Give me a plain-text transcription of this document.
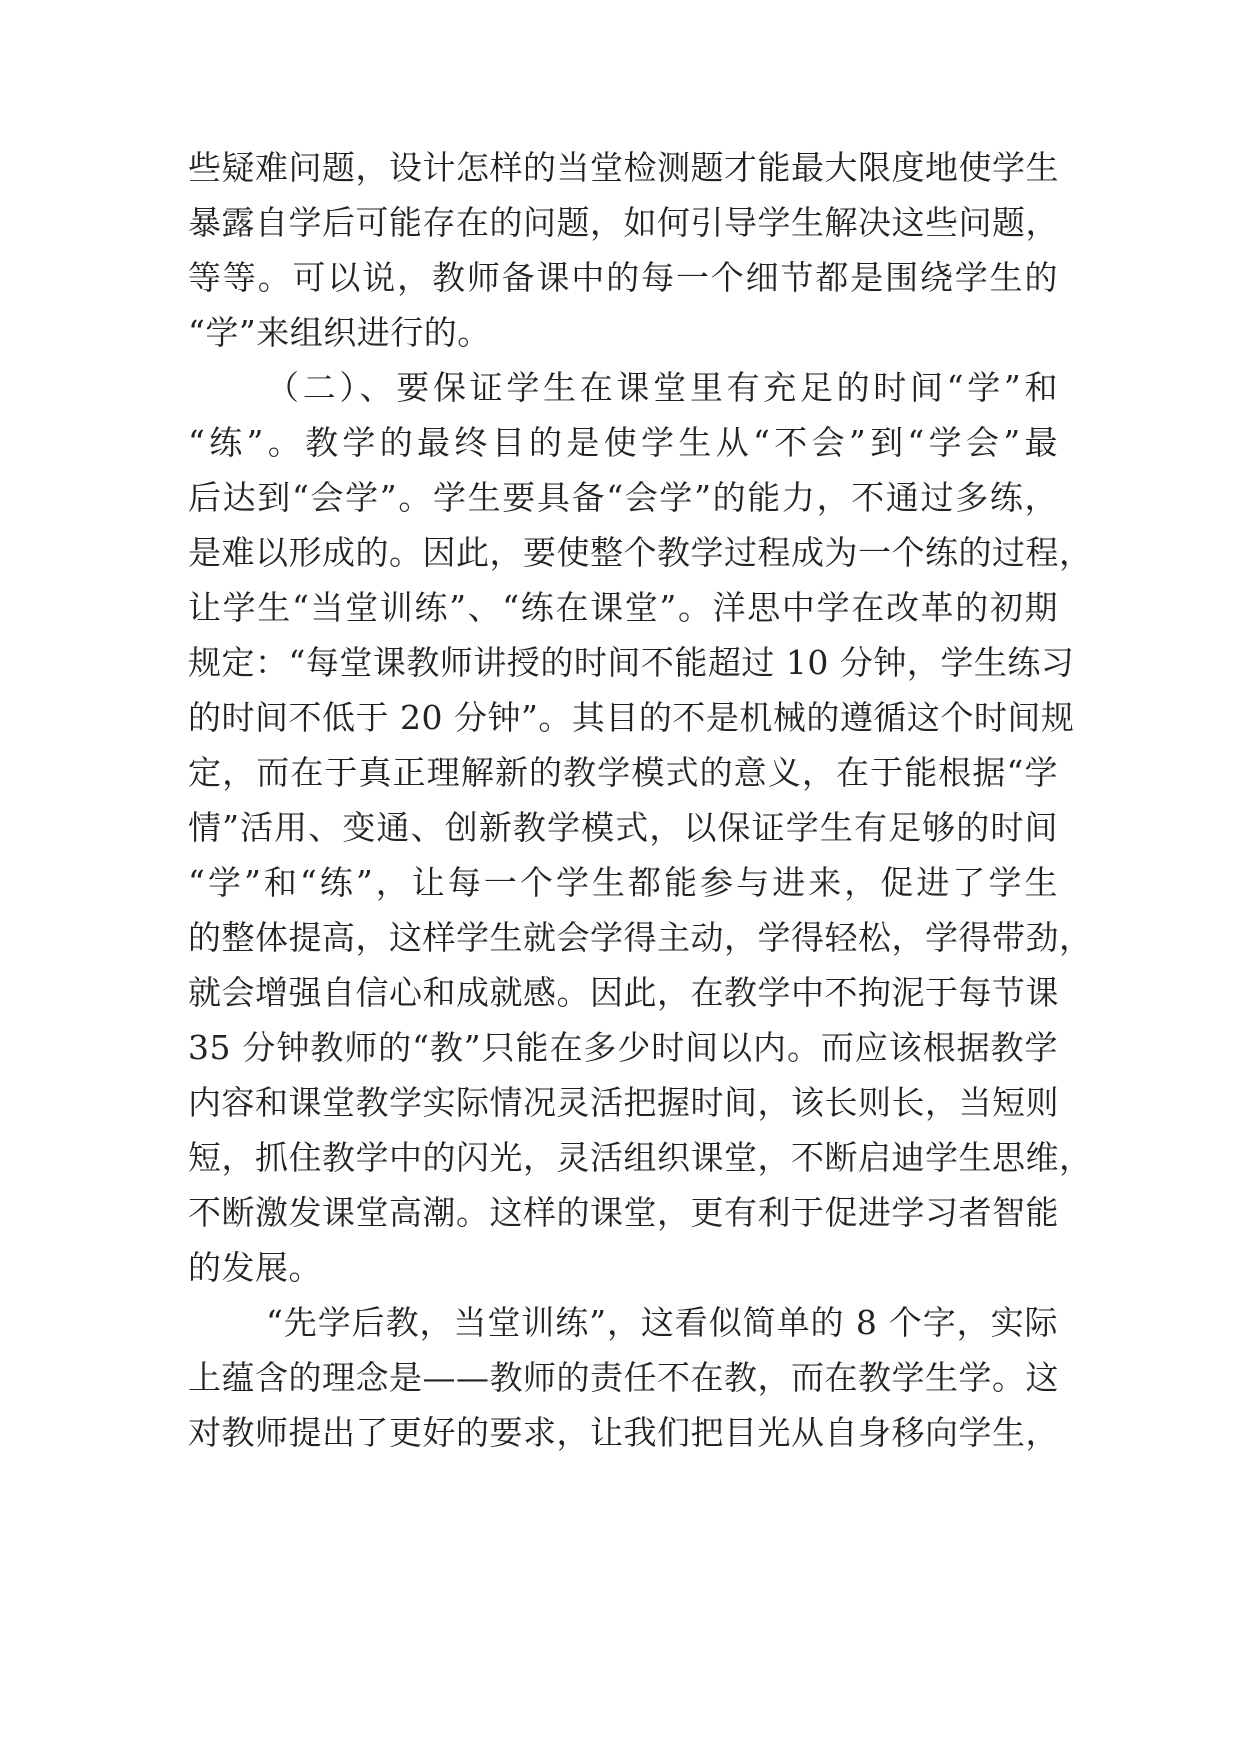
些疑难问题，设计怎样的当堂检测题才能最大限度地使学生
暴露自学后可能存在的问题，如何引导学生解决这些问题，
等等。可以说，教师备课中的每一个细节都是围绕学生的
“学”来组织进行的。
（二）、要保证学生在课堂里有充足的时间“学”和
“练”。教学的最终目的是使学生从“不会”到“学会”最
后达到“会学”。学生要具备“会学”的能力，不通过多练，
是难以形成的。因此，要使整个教学过程成为一个练的过程，
让学生“当堂训练”、“练在课堂”。洋思中学在改革的初期
规定：“每堂课教师讲授的时间不能超过 10 分钟，学生练习
的时间不低于 20 分钟”。其目的不是机械的遵循这个时间规
定，而在于真正理解新的教学模式的意义，在于能根据“学
情”活用、变通、创新教学模式，以保证学生有足够的时间
“学”和“练”，让每一个学生都能参与进来，促进了学生
的整体提高，这样学生就会学得主动，学得轻松，学得带劲，
就会增强自信心和成就感。因此，在教学中不拘泥于每节课
35 分钟教师的“教”只能在多少时间以内。而应该根据教学
内容和课堂教学实际情况灵活把握时间，该长则长，当短则
短，抓住教学中的闪光，灵活组织课堂，不断启迪学生思维，
不断激发课堂高潮。这样的课堂，更有利于促进学习者智能
的发展。
“先学后教，当堂训练”，这看似简单的 8 个字，实际
上蕴含的理念是——教师的责任不在教，而在教学生学。这
对教师提出了更好的要求，让我们把目光从自身移向学生，
